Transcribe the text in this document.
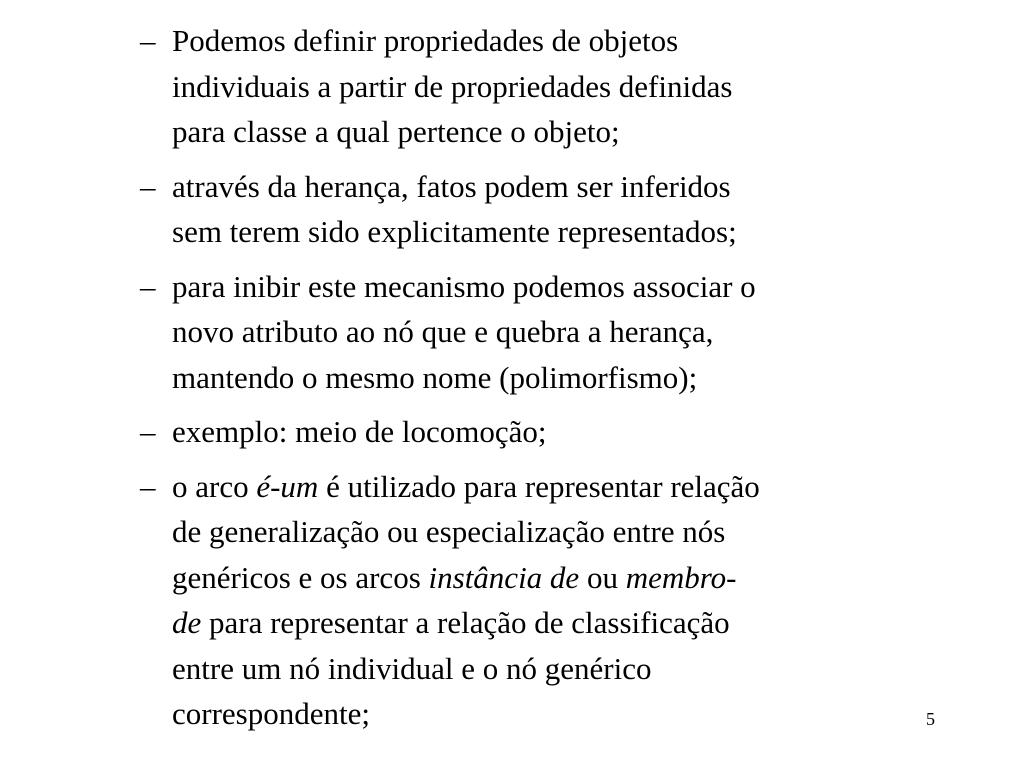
– Podemos definir propriedades de objetos
individuais a partir de propriedades definidas
para classe a qual pertence o objeto;
– através da herança, fatos podem ser inferidos
sem terem sido explicitamente representados;
– para inibir este mecanismo podemos associar o
novo atributo ao nó que e quebra a herança,
mantendo o mesmo nome (polimorfismo);
– exemplo: meio de locomoção;
– o arco é-um é utilizado para representar relação
de generalização ou especialização entre nós
genéricos e os arcos instância de ou membro-
de para representar a relação de classificação
entre um nó individual e o nó genérico
correspondente;	5
